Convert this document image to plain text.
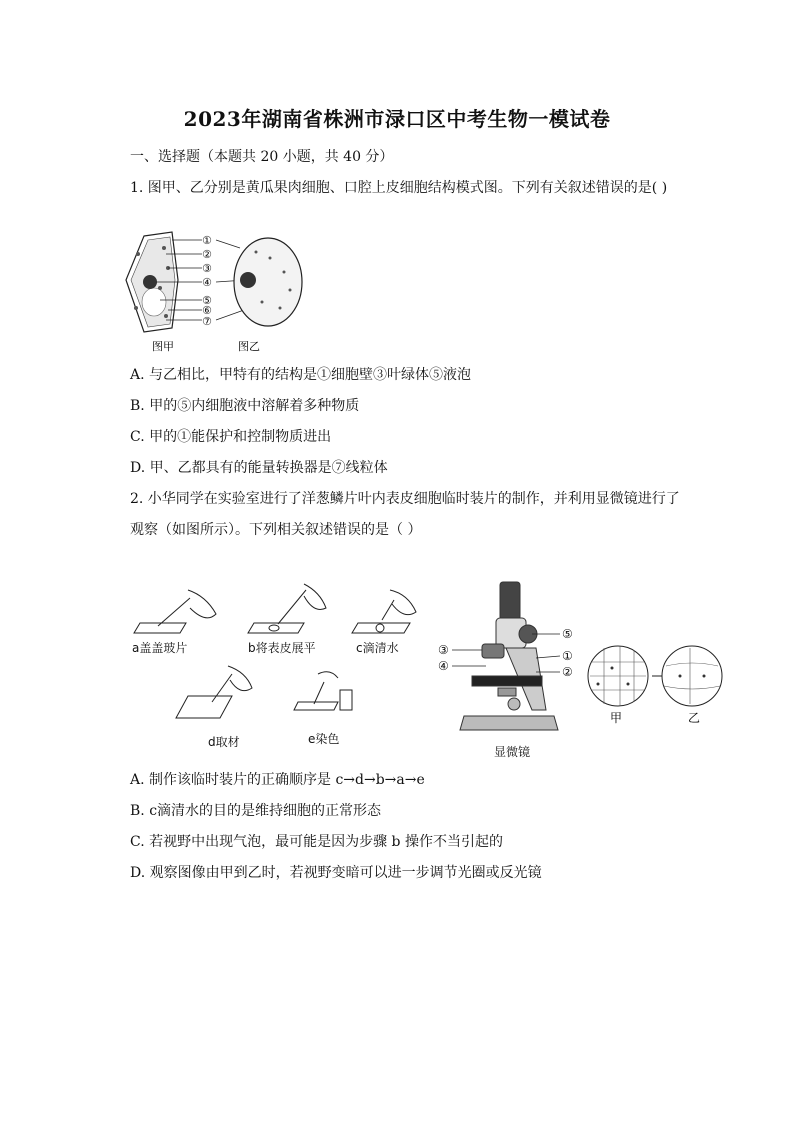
2023年湖南省株洲市渌口区中考生物一模试卷
一、选择题（本题共 20 小题，共 40 分）
1. 图甲、乙分别是黄瓜果肉细胞、口腔上皮细胞结构模式图。下列有关叙述错误的是( )
①
②
③
④
⑤
⑥
⑦
图甲	图乙
A. 与乙相比，甲特有的结构是①细胞壁③叶绿体⑤液泡
B. 甲的⑤内细胞液中溶解着多种物质
C. 甲的①能保护和控制物质进出
D. 甲、乙都具有的能量转换器是⑦线粒体
2. 小华同学在实验室进行了洋葱鳞片叶内表皮细胞临时装片的制作，并利用显微镜进行了
观察（如图所示）。下列相关叙述错误的是（ ）
a盖盖玻片	b将表皮展平	c滴清水
d取材	e染色
⑤
③	①
④	②
显微镜
甲	乙
A. 制作该临时装片的正确顺序是 c→d→b→a→e
B. c滴清水的目的是维持细胞的正常形态
C. 若视野中出现气泡，最可能是因为步骤 b 操作不当引起的
D. 观察图像由甲到乙时，若视野变暗可以进一步调节光圈或反光镜
